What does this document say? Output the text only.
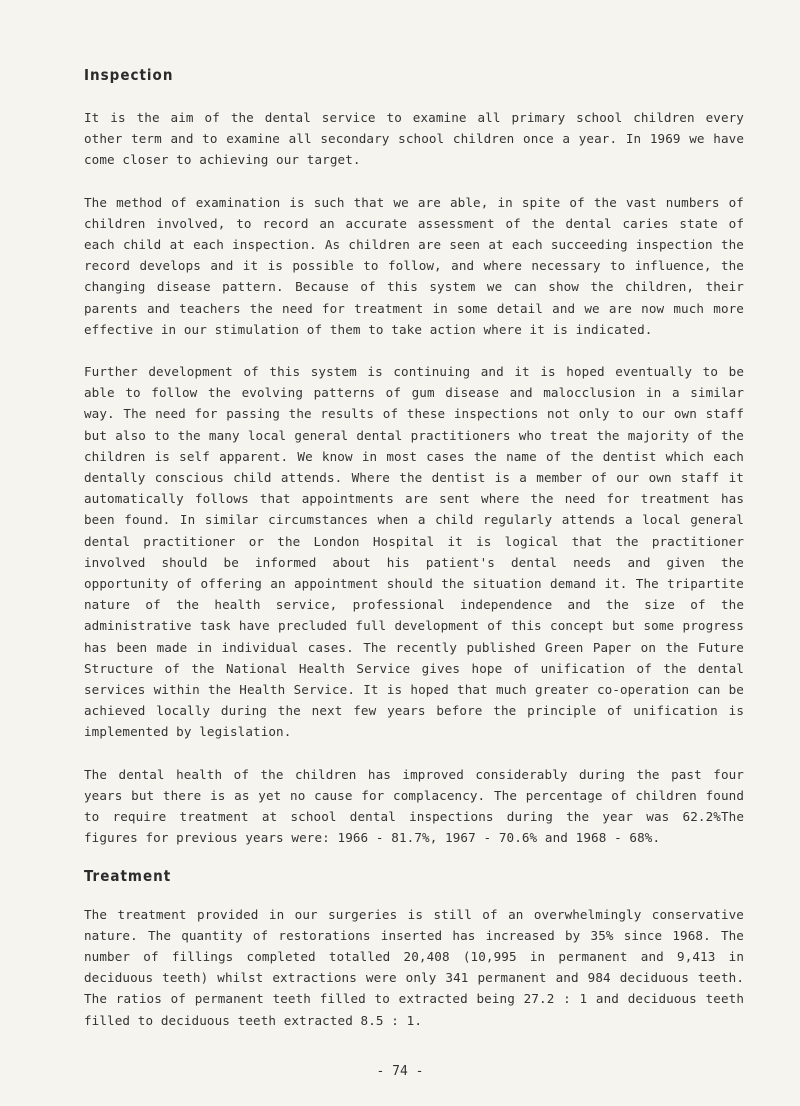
Inspection

It is the aim of the dental service to examine all primary school children every other term and to examine all secondary school children once a year. In 1969 we have come closer to achieving our target.

The method of examination is such that we are able, in spite of the vast numbers of children involved, to record an accurate assessment of the dental caries state of each child at each inspection. As children are seen at each succeeding inspection the record develops and it is possible to follow, and where necessary to influence, the changing disease pattern. Because of this system we can show the children, their parents and teachers the need for treatment in some detail and we are now much more effective in our stimulation of them to take action where it is indicated.

Further development of this system is continuing and it is hoped eventually to be able to follow the evolving patterns of gum disease and malocclusion in a similar way. The need for passing the results of these inspections not only to our own staff but also to the many local general dental practitioners who treat the majority of the children is self apparent. We know in most cases the name of the dentist which each dentally conscious child attends. Where the dentist is a member of our own staff it automatically follows that appointments are sent where the need for treatment has been found. In similar circumstances when a child regularly attends a local general dental practitioner or the London Hospital it is logical that the practitioner involved should be informed about his patient's dental needs and given the opportunity of offering an appointment should the situation demand it. The tripartite nature of the health service, professional independence and the size of the administrative task have precluded full development of this concept but some progress has been made in individual cases. The recently published Green Paper on the Future Structure of the National Health Service gives hope of unification of the dental services within the Health Service. It is hoped that much greater co-operation can be achieved locally during the next few years before the principle of unification is implemented by legislation.

The dental health of the children has improved considerably during the past four years but there is as yet no cause for complacency. The percentage of children found to require treatment at school dental inspections during the year was 62.2%The figures for previous years were: 1966 - 81.7%, 1967 - 70.6% and 1968 - 68%.

Treatment

The treatment provided in our surgeries is still of an overwhelmingly conservative nature. The quantity of restorations inserted has increased by 35% since 1968. The number of fillings completed totalled 20,408 (10,995 in permanent and 9,413 in deciduous teeth) whilst extractions were only 341 permanent and 984 deciduous teeth. The ratios of permanent teeth filled to extracted being 27.2 : 1 and deciduous teeth filled to deciduous teeth extracted 8.5 : 1.

- 74 -
